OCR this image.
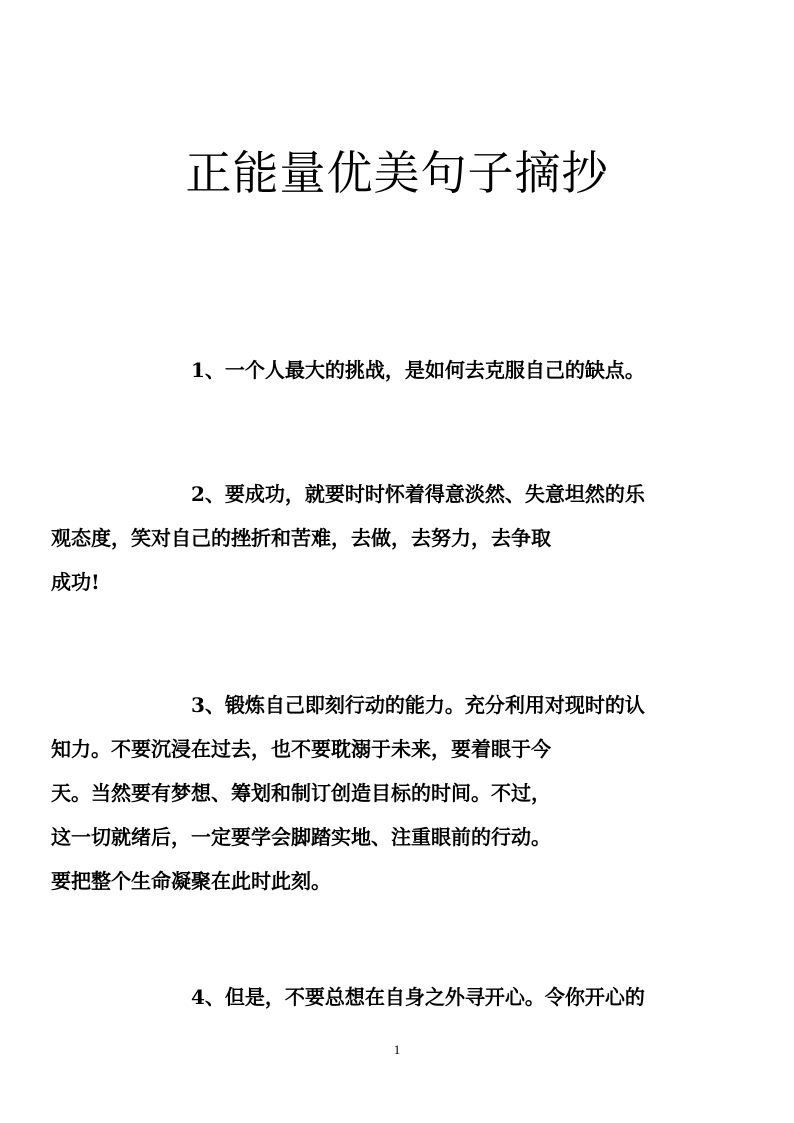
正能量优美句子摘抄

1、一个人最大的挑战，是如何去克服自己的缺点。

2、要成功，就要时时怀着得意淡然、失意坦然的乐
观态度，笑对自己的挫折和苦难，去做，去努力，去争取
成功!

3、锻炼自己即刻行动的能力。充分利用对现时的认
知力。不要沉浸在过去，也不要耽溺于未来，要着眼于今
天。当然要有梦想、筹划和制订创造目标的时间。不过，
这一切就绪后，一定要学会脚踏实地、注重眼前的行动。
要把整个生命凝聚在此时此刻。

4、但是，不要总想在自身之外寻开心。令你开心的

1
